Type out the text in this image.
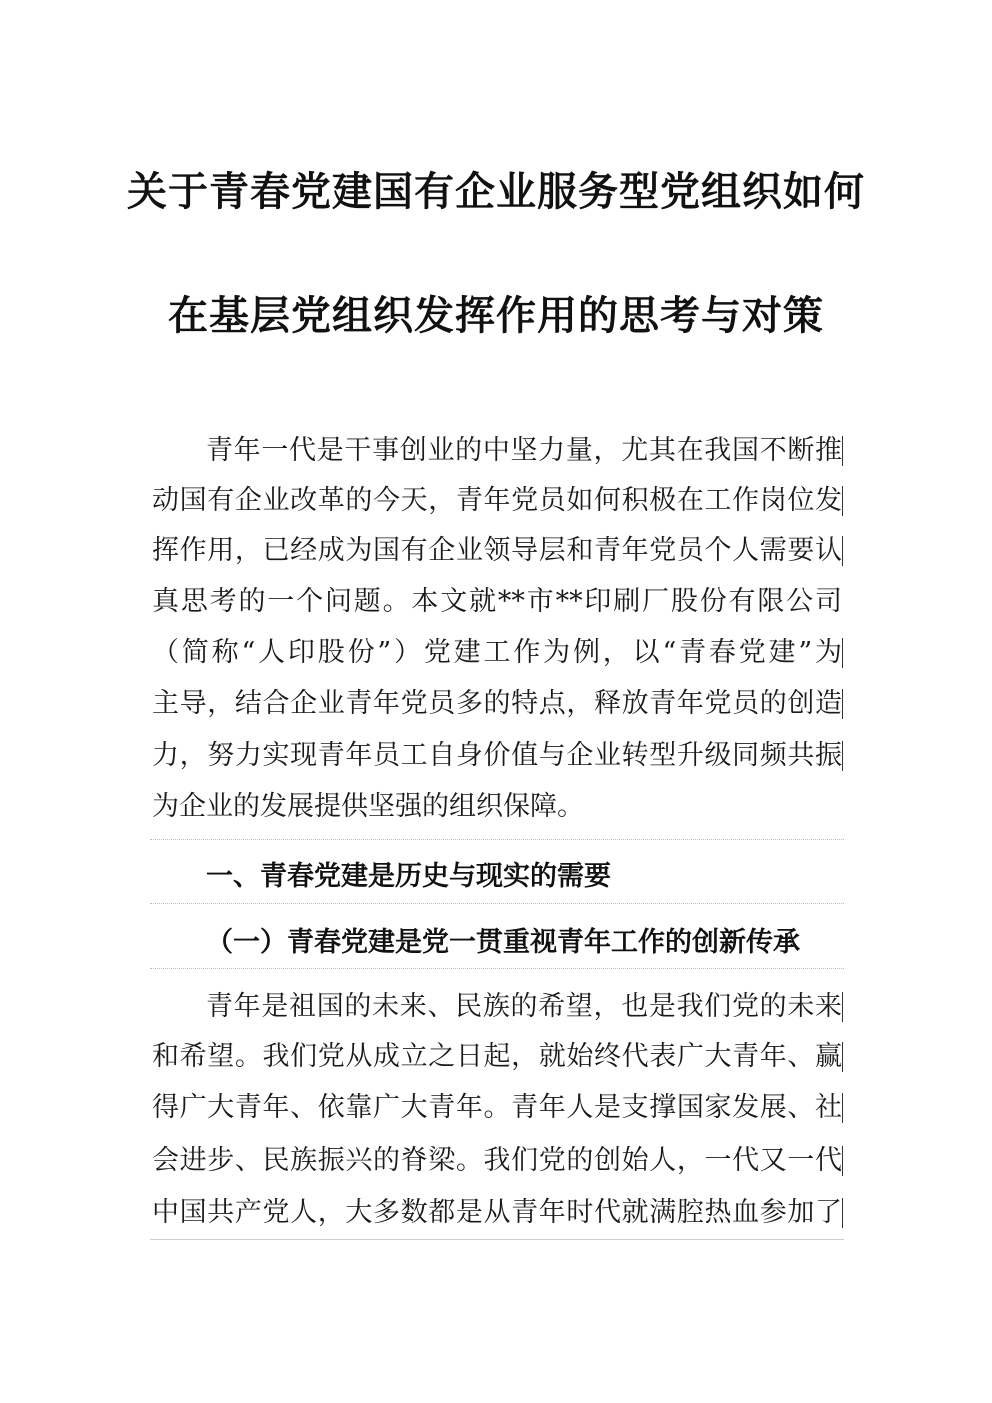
关于青春党建国有企业服务型党组织如何
在基层党组织发挥作用的思考与对策
青年一代是干事创业的中坚力量，尤其在我国不断推
动国有企业改革的今天，青年党员如何积极在工作岗位发
挥作用，已经成为国有企业领导层和青年党员个人需要认
真思考的一个问题。本文就**市**印刷厂股份有限公司
（简称“人印股份”）党建工作为例，以“青春党建”为
主导，结合企业青年党员多的特点，释放青年党员的创造
力，努力实现青年员工自身价值与企业转型升级同频共振
为企业的发展提供坚强的组织保障。
一、青春党建是历史与现实的需要
（一）青春党建是党一贯重视青年工作的创新传承
青年是祖国的未来、民族的希望，也是我们党的未来
和希望。我们党从成立之日起，就始终代表广大青年、赢
得广大青年、依靠广大青年。青年人是支撑国家发展、社
会进步、民族振兴的脊梁。我们党的创始人，一代又一代
中国共产党人，大多数都是从青年时代就满腔热血参加了
